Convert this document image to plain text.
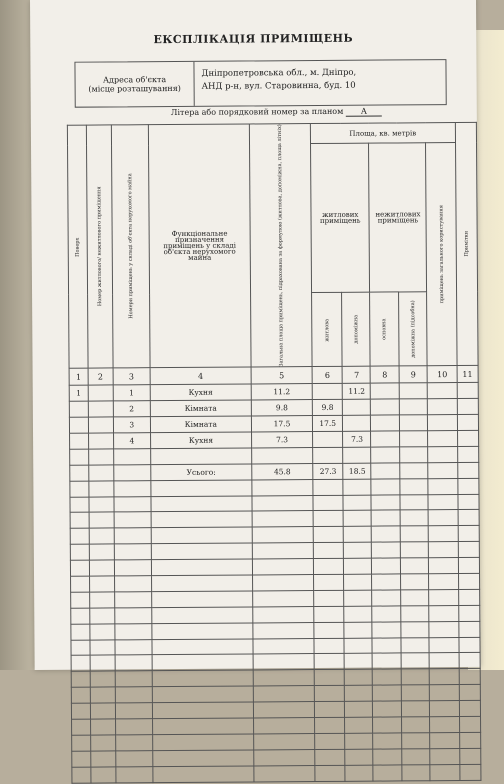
ЕКСПЛІКАЦІЯ ПРИМІЩЕНЬ
Адреса об'єкта
(місце розташування)
Дніпропетровська обл., м. Дніпро,
АНД р-н, вул. Старовинна, буд. 10
Літера або порядковий номер за планом А
Поверх	Номер житлового/ нежитлового приміщення	Номери приміщень у складі об'єкта нерухомого майна	Функціональне призначення приміщень у складі об'єкта нерухомого майна	Загальна площа приміщень, підрахована за формулою (житлова, допоміжна, площа літніх)	Площа, кв. метрів					Примітки

					житлових приміщень		нежитлових приміщень		приміщень загального користування	

					житлова	допоміжна	основна	допоміжна (підсобна)		

1	2	3	4	5	6	7	8	9	10	11
1		1	Кухня	11.2		11.2				
		2	Кімната	9.8	9.8					
		3	Кімната	17.5	17.5					
		4	Кухня	7.3		7.3				

			Усього:	45.8	27.3	18.5				
